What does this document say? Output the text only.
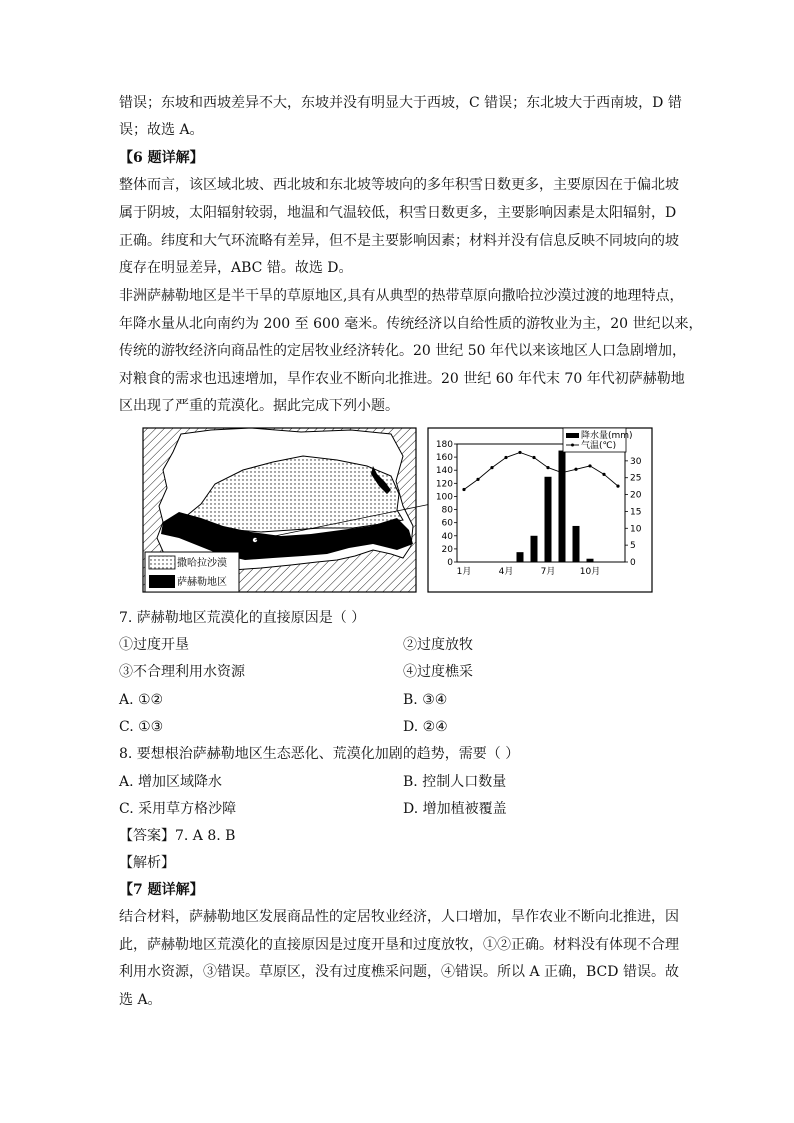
错误；东坡和西坡差异不大，东坡并没有明显大于西坡，C 错误；东北坡大于西南坡，D 错

误；故选 A。

【6 题详解】

整体而言，该区域北坡、西北坡和东北坡等坡向的多年积雪日数更多，主要原因在于偏北坡

属于阴坡，太阳辐射较弱，地温和气温较低，积雪日数更多，主要影响因素是太阳辐射，D

正确。纬度和大气环流略有差异，但不是主要影响因素；材料并没有信息反映不同坡向的坡

度存在明显差异，ABC 错。故选 D。

非洲萨赫勒地区是半干旱的草原地区,具有从典型的热带草原向撒哈拉沙漠过渡的地理特点，

年降水量从北向南约为 200 至 600 毫米。传统经济以自给性质的游牧业为主，20 世纪以来，

传统的游牧经济向商品性的定居牧业经济转化。20 世纪 50 年代以来该地区人口急剧增加，

对粮食的需求也迅速增加，旱作农业不断向北推进。20 世纪 60 年代末 70 年代初萨赫勒地

区出现了严重的荒漠化。据此完成下列小题。

撒哈拉沙漠
萨赫勒地区
0
20
40
60
80
100
120
140
160
180
0
5
10
15
20
25
30
1月	4月	7月	10月
降水量(mm)
气温(℃)

7. 萨赫勒地区荒漠化的直接原因是（ ）

①过度开垦	②过度放牧

③不合理利用水资源	④过度樵采

A. ①②	B. ③④

C. ①③	D. ②④

8. 要想根治萨赫勒地区生态恶化、荒漠化加剧的趋势，需要（ ）

A. 增加区域降水	B. 控制人口数量

C. 采用草方格沙障	D. 增加植被覆盖

【答案】7. A 8. B

【解析】

【7 题详解】

结合材料，萨赫勒地区发展商品性的定居牧业经济，人口增加，旱作农业不断向北推进，因

此，萨赫勒地区荒漠化的直接原因是过度开垦和过度放牧，①②正确。材料没有体现不合理

利用水资源，③错误。草原区，没有过度樵采问题，④错误。所以 A 正确，BCD 错误。故

选 A。
